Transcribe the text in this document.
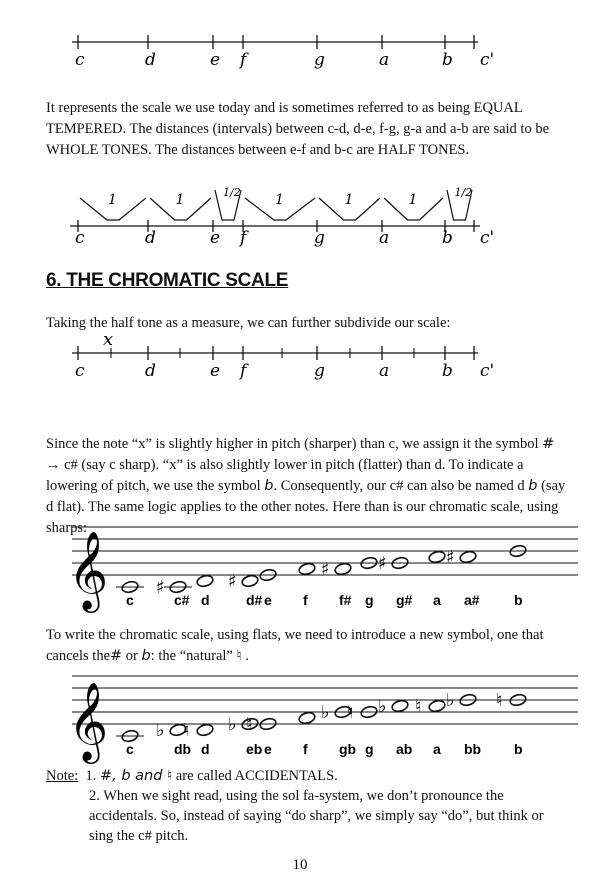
c	d	e f	g	a	b c'

It represents the scale we use today and is sometimes referred to as being EQUAL TEMPERED. The distances (intervals) between c-d, d-e, f-g, g-a and a-b are said to be WHOLE TONES. The distances between e-f and b-c are HALF TONES.

c	d	e f	g	a	b c'
1	1	1/2 1	1	1	1/2
6. THE CHROMATIC SCALE

Taking the half tone as a measure, we can further subdivide our scale:

c	d	e f	g	a	b c'
x

Since the note “x” is slightly higher in pitch (sharper) than c, we assign it the symbol # → c# (say c sharp). “x” is also slightly lower in pitch (flatter) than d. To indicate a lowering of pitch, we use the symbol b. Consequently, our c# can also be named d b (say d flat). The same logic applies to the other notes. Here than is our chromatic scale, using sharps:

𝄞	♯	♯
♯	♯	♯
c	c# d	d# e f f# g g# a a# b

To write the chromatic scale, using flats, we need to introduce a new symbol, one that cancels the# or b: the “natural” ♮ .

𝄞	♭ ♮ ♭ ♮
♭ ♮ ♭ ♮ ♭ ♮
c	db d	eb e f gb g ab a bb b
Note: 1. #, b and ♮ are called ACCIDENTALS.
2. When we sight read, using the sol fa-system, we don’t pronounce the accidentals. So, instead of saying “do sharp”, we simply say “do”, but think or sing the c# pitch.
10
